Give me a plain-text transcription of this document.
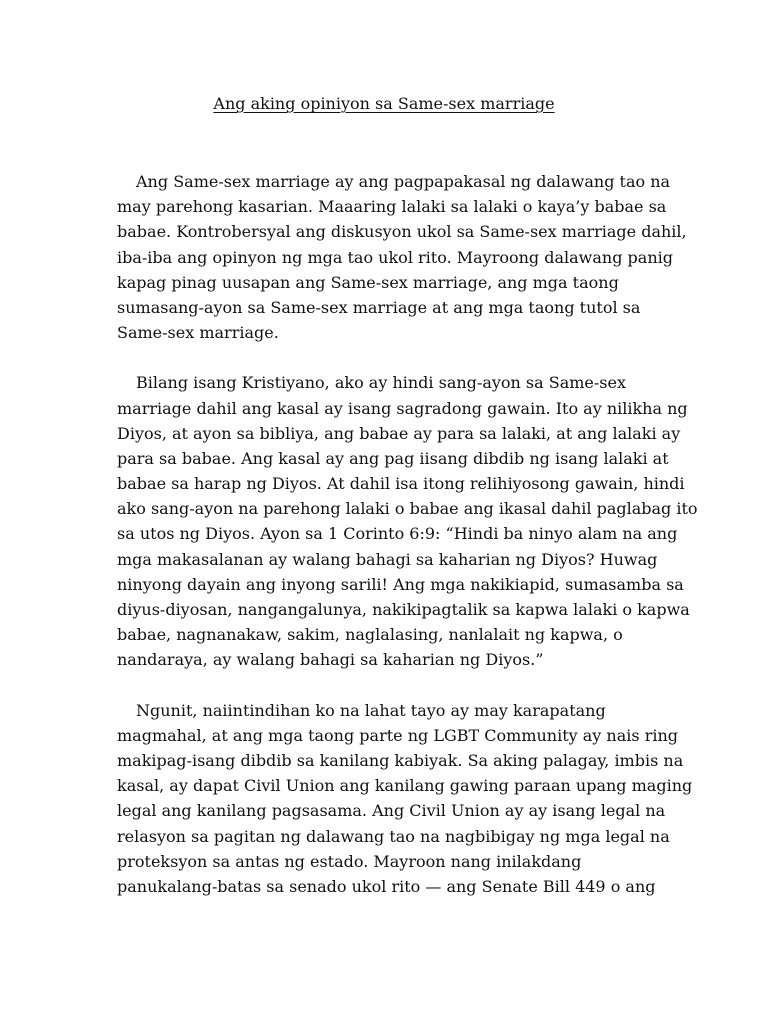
Ang aking opiniyon sa Same-sex marriage

Ang Same-sex marriage ay ang pagpapakasal ng dalawang tao na
may parehong kasarian. Maaaring lalaki sa lalaki o kaya’y babae sa
babae. Kontrobersyal ang diskusyon ukol sa Same-sex marriage dahil,
iba-iba ang opinyon ng mga tao ukol rito. Mayroong dalawang panig
kapag pinag uusapan ang Same-sex marriage, ang mga taong
sumasang-ayon sa Same-sex marriage at ang mga taong tutol sa
Same-sex marriage.

Bilang isang Kristiyano, ako ay hindi sang-ayon sa Same-sex
marriage dahil ang kasal ay isang sagradong gawain. Ito ay nilikha ng
Diyos, at ayon sa bibliya, ang babae ay para sa lalaki, at ang lalaki ay
para sa babae. Ang kasal ay ang pag iisang dibdib ng isang lalaki at
babae sa harap ng Diyos. At dahil isa itong relihiyosong gawain, hindi
ako sang-ayon na parehong lalaki o babae ang ikasal dahil paglabag ito
sa utos ng Diyos. Ayon sa 1 Corinto 6:9: “Hindi ba ninyo alam na ang
mga makasalanan ay walang bahagi sa kaharian ng Diyos? Huwag
ninyong dayain ang inyong sarili! Ang mga nakikiapid, sumasamba sa
diyus-diyosan, nangangalunya, nakikipagtalik sa kapwa lalaki o kapwa
babae, nagnanakaw, sakim, naglalasing, nanlalait ng kapwa, o
nandaraya, ay walang bahagi sa kaharian ng Diyos.”

Ngunit, naiintindihan ko na lahat tayo ay may karapatang
magmahal, at ang mga taong parte ng LGBT Community ay nais ring
makipag-isang dibdib sa kanilang kabiyak. Sa aking palagay, imbis na
kasal, ay dapat Civil Union ang kanilang gawing paraan upang maging
legal ang kanilang pagsasama. Ang Civil Union ay ay isang legal na
relasyon sa pagitan ng dalawang tao na nagbibigay ng mga legal na
proteksyon sa antas ng estado. Mayroon nang inilakdang
panukalang-batas sa senado ukol rito — ang Senate Bill 449 o ang
